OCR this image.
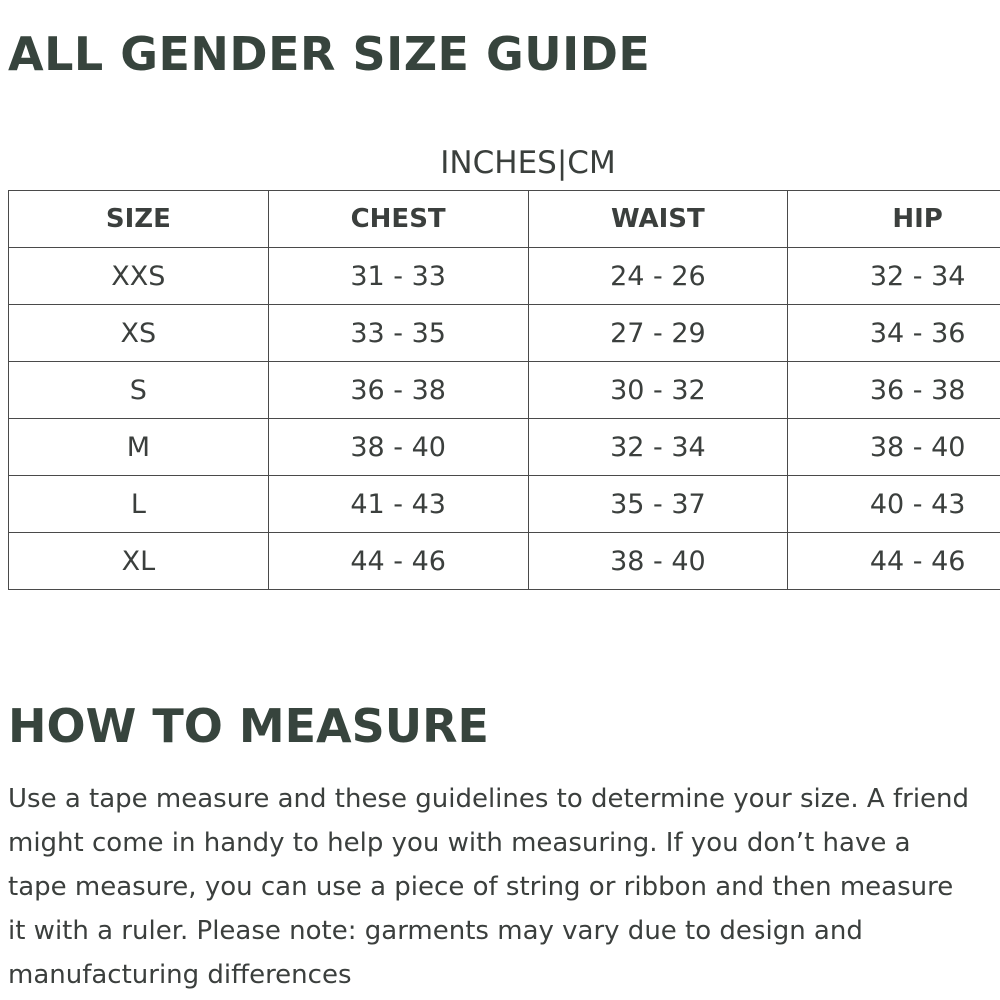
ALL GENDER SIZE GUIDE
INCHES|CM
SIZE	CHEST	WAIST	HIP
XXS	31 - 33	24 - 26	32 - 34
XS	33 - 35	27 - 29	34 - 36
S	36 - 38	30 - 32	36 - 38
M	38 - 40	32 - 34	38 - 40
L	41 - 43	35 - 37	40 - 43
XL	44 - 46	38 - 40	44 - 46
HOW TO MEASURE

Use a tape measure and these guidelines to determine your size. A friend
might come in handy to help you with measuring. If you don’t have a
tape measure, you can use a piece of string or ribbon and then measure
it with a ruler. Please note: garments may vary due to design and
manufacturing differences
